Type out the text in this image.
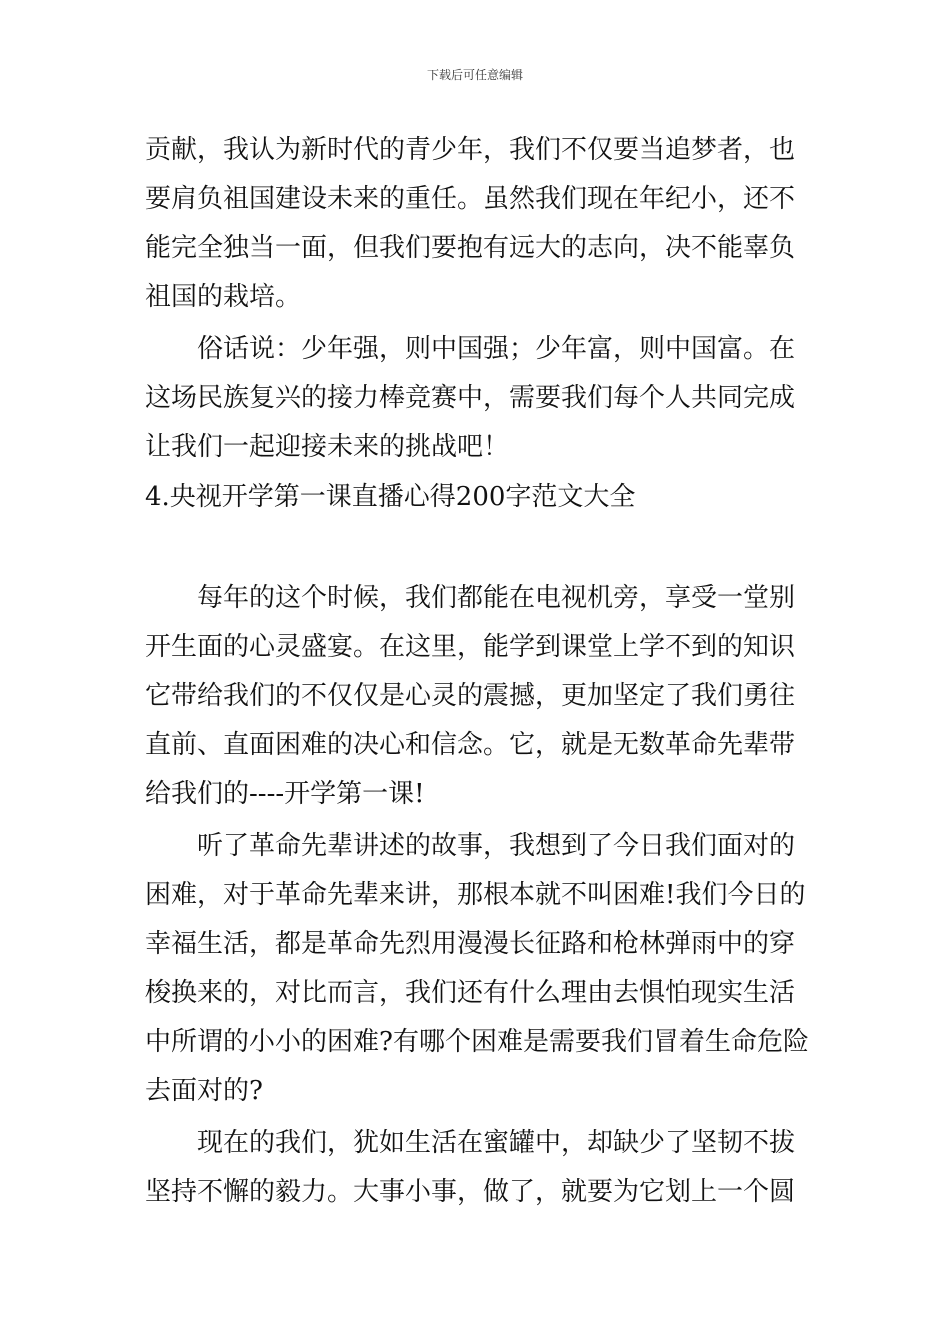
下载后可任意编辑
贡献，我认为新时代的青少年，我们不仅要当追梦者，也
要肩负祖国建设未来的重任。虽然我们现在年纪小，还不
能完全独当一面，但我们要抱有远大的志向，决不能辜负
祖国的栽培。
俗话说：少年强，则中国强；少年富，则中国富。在
这场民族复兴的接力棒竞赛中，需要我们每个人共同完成
让我们一起迎接未来的挑战吧！
4.央视开学第一课直播心得200字范文大全
每年的这个时候，我们都能在电视机旁，享受一堂别
开生面的心灵盛宴。在这里，能学到课堂上学不到的知识
它带给我们的不仅仅是心灵的震撼，更加坚定了我们勇往
直前、直面困难的决心和信念。它，就是无数革命先辈带
给我们的----开学第一课!
听了革命先辈讲述的故事，我想到了今日我们面对的
困难，对于革命先辈来讲，那根本就不叫困难!我们今日的
幸福生活，都是革命先烈用漫漫长征路和枪林弹雨中的穿
梭换来的，对比而言，我们还有什么理由去惧怕现实生活
中所谓的小小的困难?有哪个困难是需要我们冒着生命危险
去面对的?
现在的我们，犹如生活在蜜罐中，却缺少了坚韧不拔
坚持不懈的毅力。大事小事，做了，就要为它划上一个圆
